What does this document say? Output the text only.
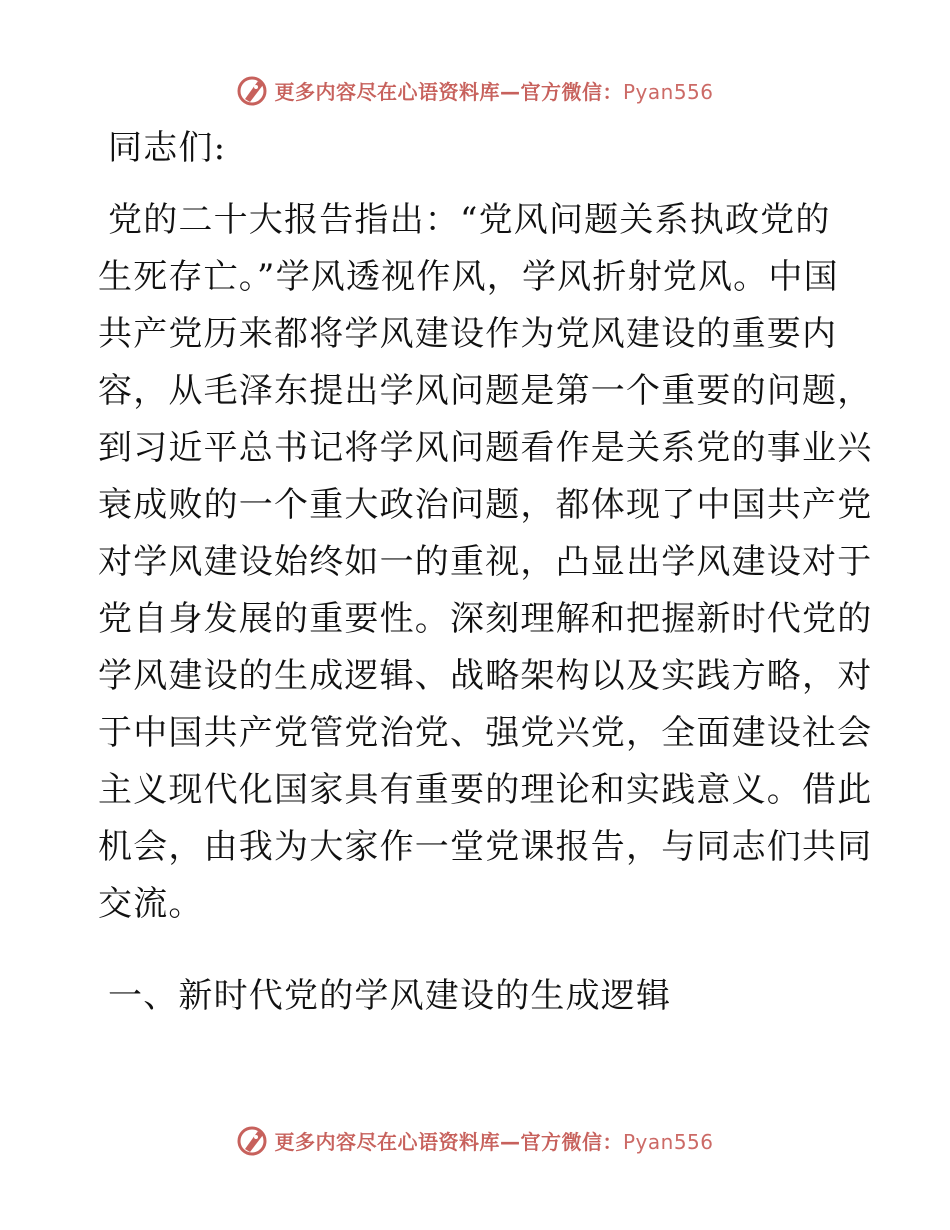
更多内容尽在心语资料库—官方微信：Pyan556
同志们:
党的二十大报告指出：“党风问题关系执政党的
生死存亡。”学风透视作风，学风折射党风。中国
共产党历来都将学风建设作为党风建设的重要内
容，从毛泽东提出学风问题是第一个重要的问题，
到习近平总书记将学风问题看作是关系党的事业兴
衰成败的一个重大政治问题，都体现了中国共产党
对学风建设始终如一的重视，凸显出学风建设对于
党自身发展的重要性。深刻理解和把握新时代党的
学风建设的生成逻辑、战略架构以及实践方略，对
于中国共产党管党治党、强党兴党，全面建设社会
主义现代化国家具有重要的理论和实践意义。借此
机会，由我为大家作一堂党课报告，与同志们共同
交流。
一、新时代党的学风建设的生成逻辑
更多内容尽在心语资料库—官方微信：Pyan556
